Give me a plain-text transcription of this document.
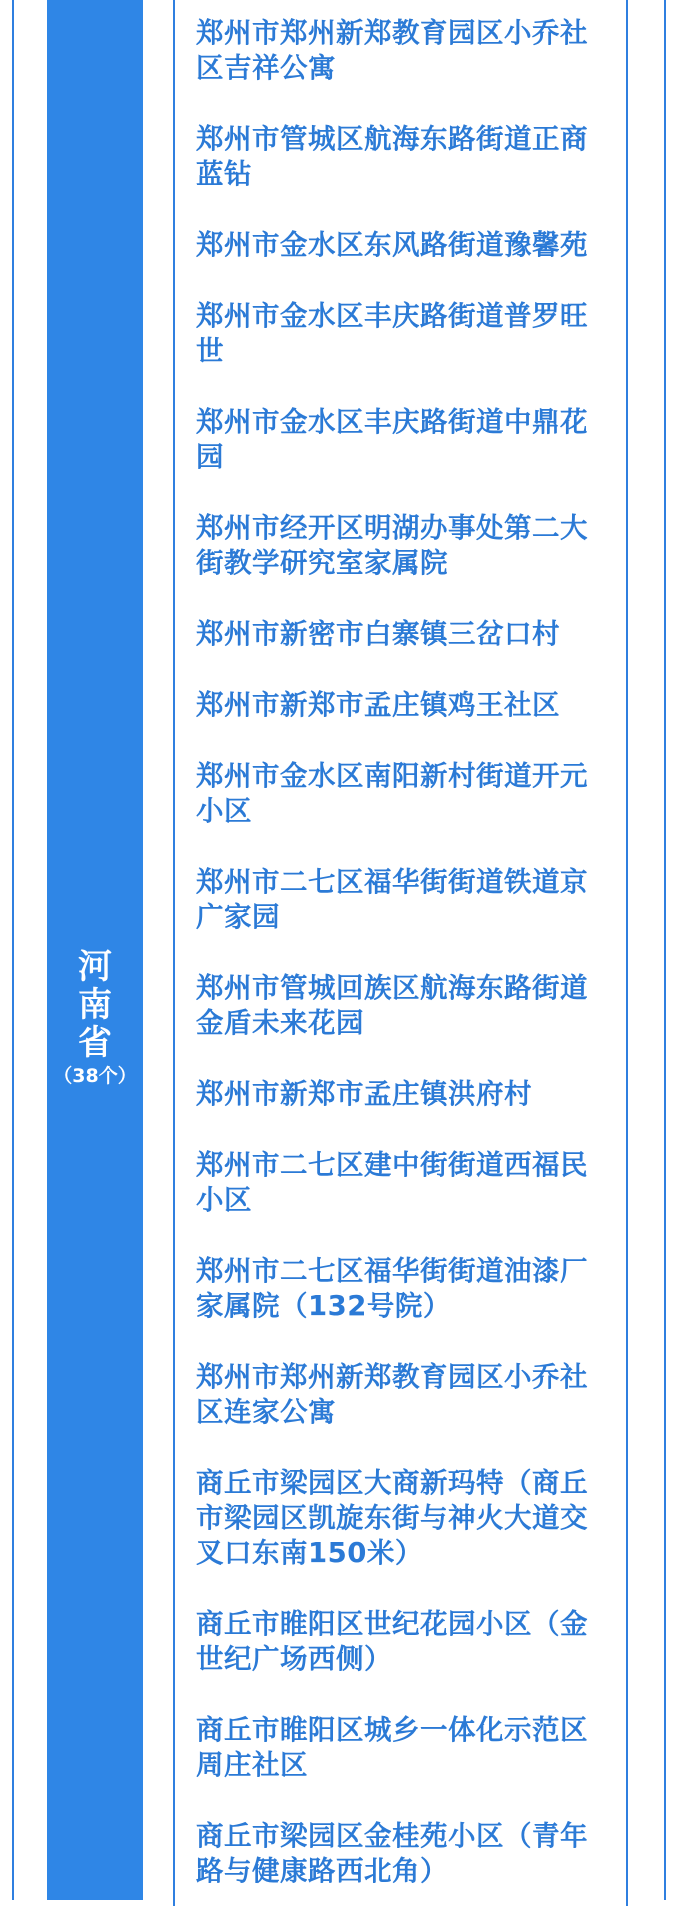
河南省
（38个）
郑州市郑州新郑教育园区小乔社区吉祥公寓
郑州市管城区航海东路街道正商蓝钻
郑州市金水区东风路街道豫馨苑
郑州市金水区丰庆路街道普罗旺世
郑州市金水区丰庆路街道中鼎花园
郑州市经开区明湖办事处第二大街教学研究室家属院
郑州市新密市白寨镇三岔口村
郑州市新郑市孟庄镇鸡王社区
郑州市金水区南阳新村街道开元小区
郑州市二七区福华街街道铁道京广家园
郑州市管城回族区航海东路街道金盾未来花园
郑州市新郑市孟庄镇洪府村
郑州市二七区建中街街道西福民小区
郑州市二七区福华街街道油漆厂家属院（132号院）
郑州市郑州新郑教育园区小乔社区连家公寓
商丘市梁园区大商新玛特（商丘市梁园区凯旋东街与神火大道交叉口东南150米）
商丘市睢阳区世纪花园小区（金世纪广场西侧）
商丘市睢阳区城乡一体化示范区周庄社区
商丘市梁园区金桂苑小区（青年路与健康路西北角）
